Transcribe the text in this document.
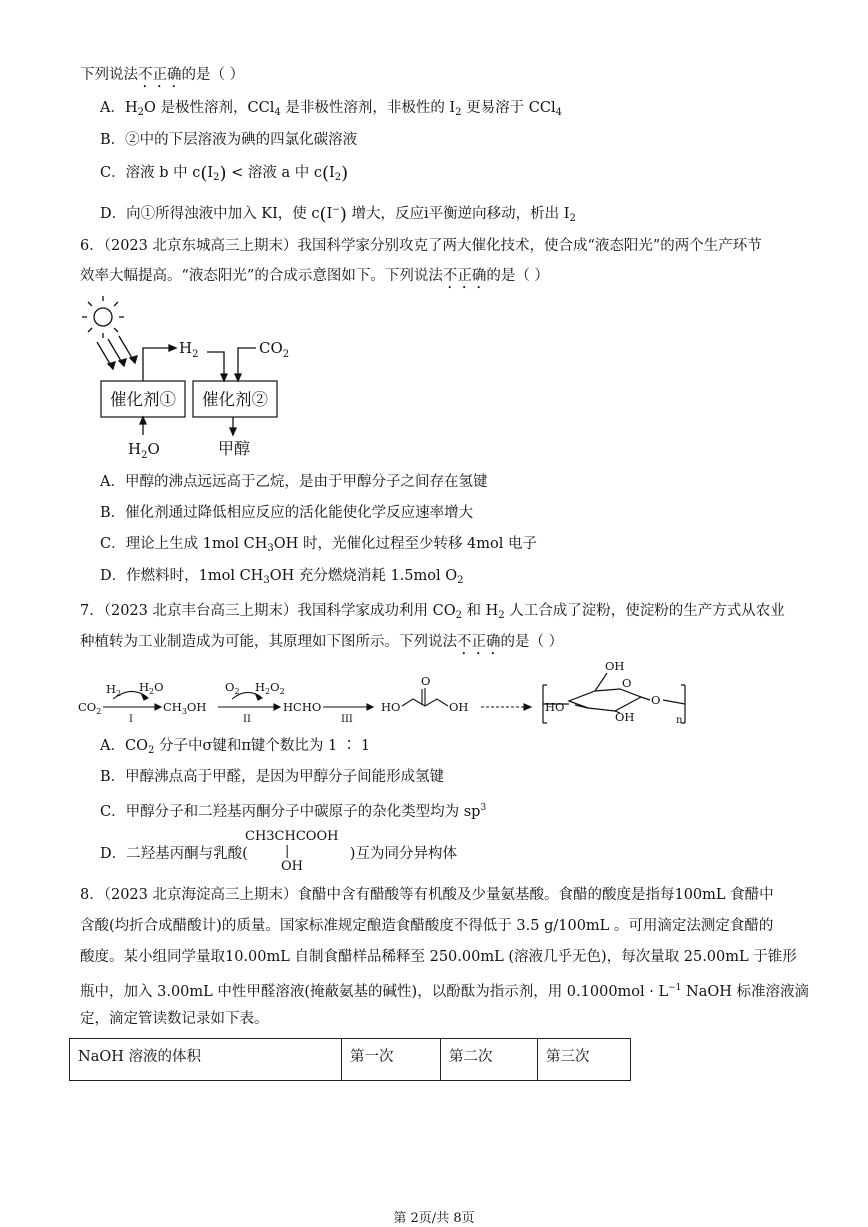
下列说法不正确的是（ ）
A．$H_2O$ 是极性溶剂，CCl$_4$ 是非极性溶剂，非极性的 $I_2$ 更易溶于 CCl$_4$
B．②中的下层溶液为碘的四氯化碳溶液
C．溶液 b 中 $c(I_2)$ < 溶液 a 中 $c(I_2)$
D．向①所得浊液中加入 KI，使 c(I−) 增大，反应i平衡逆向移动，析出 $I_2$
6．（2023 北京东城高三上期末）我国科学家分别攻克了两大催化技术，使合成“液态阳光”的两个生产环节
效率大幅提高。“液态阳光”的合成示意图如下。下列说法不正确的是（ ）
催化剂① 催化剂②
$H_2$	$CO_2$
$H_2O$	甲醇
A．甲醇的沸点远远高于乙烷，是由于甲醇分子之间存在氢键
B．催化剂通过降低相应反应的活化能使化学反应速率增大
C．理论上生成 1mol $CH_3OH$ 时，光催化过程至少转移 4mol 电子
D．作燃料时，1mol $CH_3OH$ 充分燃烧消耗 1.5mol $O_2$
7．（2023 北京丰台高三上期末）我国科学家成功利用 $CO_2$ 和 $H_2$ 人工合成了淀粉，使淀粉的生产方式从农业
种植转为工业制造成为可能，其原理如下图所示。下列说法不正确的是（ ）
$CO_2$
$H_2$ $H_2O$
I
$CH_3OH$
$O_2$ $H_2O_2$
II
HCHO
III
HO
O
OH
OH
HO
OH
O
O
n
A．$CO_2$ 分子中σ键和π键个数比为 1 ∶ 1
B．甲醇沸点高于甲醛，是因为甲醇分子间能形成氢键
C．甲醇分子和二羟基丙酮分子中碳原子的杂化类型均为 $sp^3$
D．二羟基丙酮与乳酸(	)互为同分异构体
CH3CHCOOH
|
OH
8．（2023 北京海淀高三上期末）食醋中含有醋酸等有机酸及少量氨基酸。食醋的酸度是指每100mL 食醋中
含酸(均折合成醋酸计)的质量。国家标准规定酿造食醋酸度不得低于 3.5 g/100mL 。可用滴定法测定食醋的
酸度。某小组同学量取10.00mL 自制食醋样品稀释至 250.00mL (溶液几乎无色)，每次量取 25.00mL 于锥形
瓶中，加入 3.00mL 中性甲醛溶液(掩蔽氨基的碱性)，以酚酞为指示剂，用 $0.1000mol \cdot L^{-1}$ NaOH 标准溶液滴
定，滴定管读数记录如下表。
NaOH 溶液的体积	第一次	第二次	第三次
第 2页/共 8页
